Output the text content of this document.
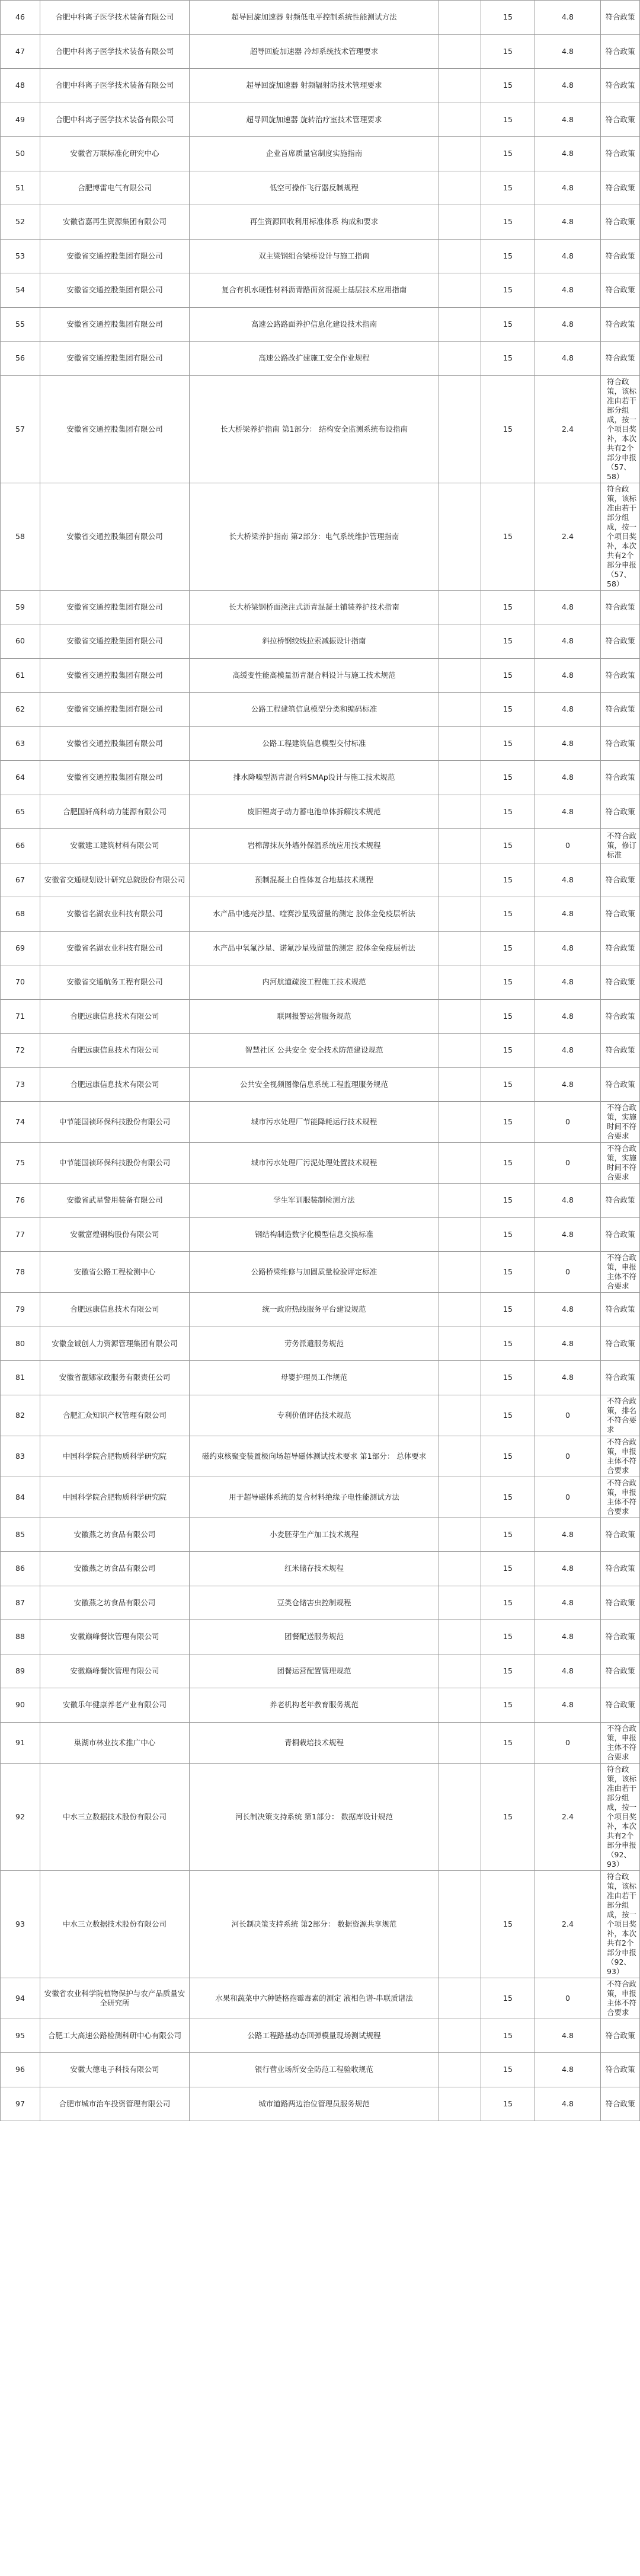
46	合肥中科离子医学技术装备有限公司	超导回旋加速器 射频低电平控制系统性能测试方法		15	4.8	符合政策
47	合肥中科离子医学技术装备有限公司	超导回旋加速器 冷却系统技术管理要求		15	4.8	符合政策
48	合肥中科离子医学技术装备有限公司	超导回旋加速器 射频辐射防技术管理要求		15	4.8	符合政策
49	合肥中科离子医学技术装备有限公司	超导回旋加速器 旋转治疗室技术管理要求		15	4.8	符合政策
50	安徽省万联标准化研究中心	企业首席质量官制度实施指南		15	4.8	符合政策
51	合肥博雷电气有限公司	低空可操作飞行器反制规程		15	4.8	符合政策
52	安徽省嘉再生资源集团有限公司	再生资源回收利用标准体系 构成和要求		15	4.8	符合政策
53	安徽省交通控股集团有限公司	双主梁钢组合梁桥设计与施工指南		15	4.8	符合政策
54	安徽省交通控股集团有限公司	复合有机水硬性材料沥青路面贫混凝土基层技术应用指南		15	4.8	符合政策
55	安徽省交通控股集团有限公司	高速公路路面养护信息化建设技术指南		15	4.8	符合政策
56	安徽省交通控股集团有限公司	高速公路改扩建施工安全作业规程		15	4.8	符合政策
57	安徽省交通控股集团有限公司	长大桥梁养护指南 第1部分： 结构安全监测系统布设指南		15	2.4	符合政策，该标准由若干部分组成，按一个项目奖补，本次共有2个部分申报（57、58）
58	安徽省交通控股集团有限公司	长大桥梁养护指南 第2部分：电气系统维护管理指南		15	2.4	符合政策，该标准由若干部分组成，按一个项目奖补，本次共有2个部分申报（57、58）
59	安徽省交通控股集团有限公司	长大桥梁钢桥面浇注式沥青混凝土铺装养护技术指南		15	4.8	符合政策
60	安徽省交通控股集团有限公司	斜拉桥钢绞线拉索减振设计指南		15	4.8	符合政策
61	安徽省交通控股集团有限公司	高缓变性能高模量沥青混合料设计与施工技术规范		15	4.8	符合政策
62	安徽省交通控股集团有限公司	公路工程建筑信息模型分类和编码标准		15	4.8	符合政策
63	安徽省交通控股集团有限公司	公路工程建筑信息模型交付标准		15	4.8	符合政策
64	安徽省交通控股集团有限公司	排水降噪型沥青混合料SMAp设计与施工技术规范		15	4.8	符合政策
65	合肥国轩高科动力能源有限公司	废旧锂离子动力蓄电池单体拆解技术规范		15	4.8	符合政策
66	安徽建工建筑材料有限公司	岩棉薄抹灰外墙外保温系统应用技术规程		15	0	不符合政策，修订标准
67	安徽省交通规划设计研究总院股份有限公司	预制混凝土自性体复合地基技术规程		15	4.8	符合政策
68	安徽省名湖农业科技有限公司	水产品中逃亮沙星、喹赛沙星残留量的测定 胶体金免疫层析法		15	4.8	符合政策
69	安徽省名湖农业科技有限公司	水产品中氧氟沙星、诺氟沙星残留量的测定 胶体金免疫层析法		15	4.8	符合政策
70	安徽省交通航务工程有限公司	内河航道疏浚工程施工技术规范		15	4.8	符合政策
71	合肥远康信息技术有限公司	联网报警运营服务规范		15	4.8	符合政策
72	合肥远康信息技术有限公司	智慧社区 公共安全 安全技术防范建设规范		15	4.8	符合政策
73	合肥远康信息技术有限公司	公共安全视频图像信息系统工程监理服务规范		15	4.8	符合政策
74	中节能国祯环保科技股份有限公司	城市污水处理厂节能降耗运行技术规程		15	0	不符合政策，实施时间不符合要求
75	中节能国祯环保科技股份有限公司	城市污水处理厂污泥处理处置技术规程		15	0	不符合政策，实施时间不符合要求
76	安徽省武星警用装备有限公司	学生军训服装制检测方法		15	4.8	符合政策
77	安徽富煌钢构股份有限公司	钢结构制造数字化模型信息交换标准		15	4.8	符合政策
78	安徽省公路工程检测中心	公路桥梁维修与加固质量检验评定标准		15	0	不符合政策，申报主体不符合要求
79	合肥远康信息技术有限公司	统一政府热线服务平台建设规范		15	4.8	符合政策
80	安徽金诚创人力资源管理集团有限公司	劳务派遣服务规范		15	4.8	符合政策
81	安徽省靓娜家政服务有限责任公司	母婴护理员工作规范		15	4.8	符合政策
82	合肥汇众知识产权管理有限公司	专利价值评估技术规范		15	0	不符合政策，排名不符合要求
83	中国科学院合肥物质科学研究院	磁约束核聚变装置极向场超导磁体测试技术要求 第1部分： 总体要求		15	0	不符合政策，申报主体不符合要求
84	中国科学院合肥物质科学研究院	用于超导磁体系统的复合材料绝缘子电性能测试方法		15	0	不符合政策，申报主体不符合要求
85	安徽燕之坊食品有限公司	小麦胚芽生产加工技术规程		15	4.8	符合政策
86	安徽燕之坊食品有限公司	红米储存技术规程		15	4.8	符合政策
87	安徽燕之坊食品有限公司	豆类仓储害虫控制规程		15	4.8	符合政策
88	安徽巅峰餐饮管理有限公司	团餐配送服务规范		15	4.8	符合政策
89	安徽巅峰餐饮管理有限公司	团餐运营配置管理规范		15	4.8	符合政策
90	安徽乐年健康养老产业有限公司	养老机构老年教育服务规范		15	4.8	符合政策
91	巢湖市林业技术推广中心	青桐栽培技术规程		15	0	不符合政策，申报主体不符合要求
92	中水三立数据技术股份有限公司	河长制决策支持系统 第1部分： 数据库设计规范		15	2.4	符合政策，该标准由若干部分组成，按一个项目奖补，本次共有2个部分申报（92、93）
93	中水三立数据技术股份有限公司	河长制决策支持系统 第2部分： 数据资源共享规范		15	2.4	符合政策，该标准由若干部分组成，按一个项目奖补，本次共有2个部分申报（92、93）
94	安徽省农业科学院植物保护与农产品质量安全研究所	水果和蔬菜中六种链格孢霉毒素的测定 液相色谱-串联质谱法		15	0	不符合政策，申报主体不符合要求
95	合肥工大高速公路检测科研中心有限公司	公路工程路基动态回弹模量现场测试规程		15	4.8	符合政策
96	安徽大德电子科技有限公司	银行营业场所安全防范工程验收规范		15	4.8	符合政策
97	合肥市城市治车投资管理有限公司	城市道路两边治位管理员服务规范		15	4.8	符合政策
